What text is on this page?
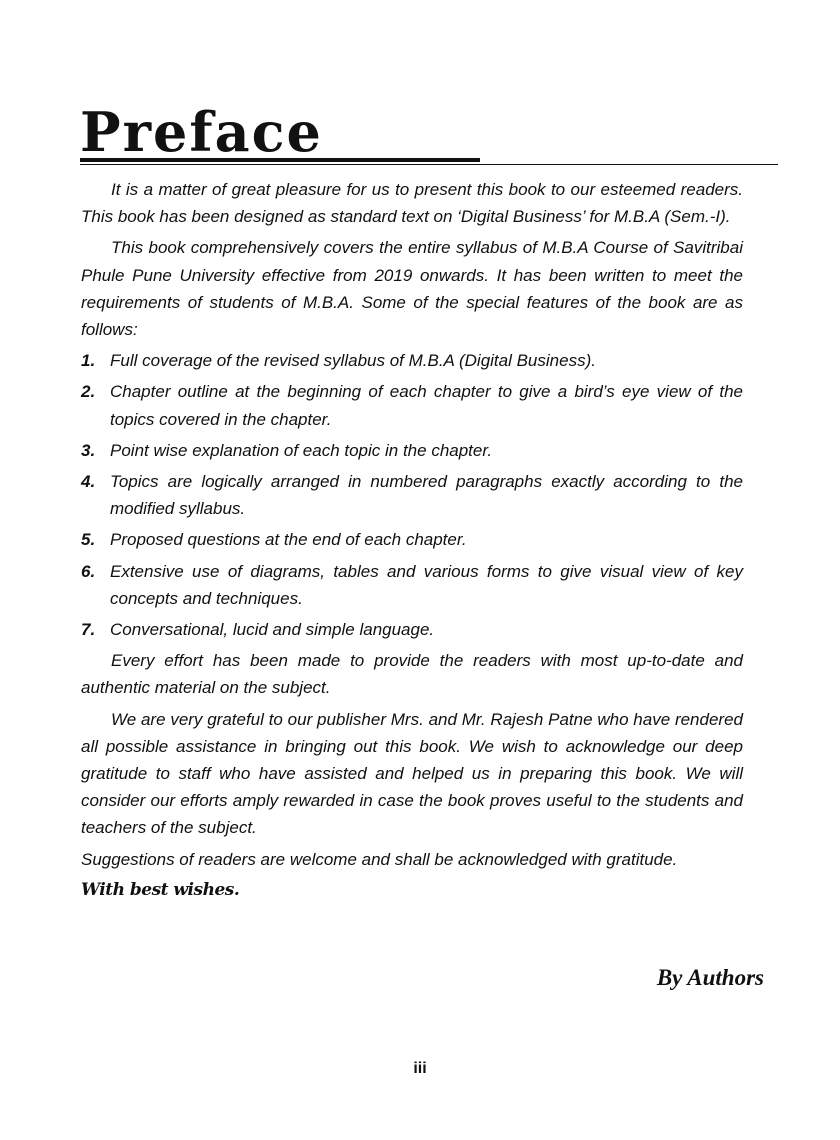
Preface

It is a matter of great pleasure for us to present this book to our esteemed readers. This book has been designed as standard text on ‘Digital Business’ for M.B.A (Sem.-I).

This book comprehensively covers the entire syllabus of M.B.A Course of Savitribai Phule Pune University effective from 2019 onwards. It has been written to meet the requirements of students of M.B.A. Some of the special features of the book are as follows:

1. Full coverage of the revised syllabus of M.B.A (Digital Business).
2. Chapter outline at the beginning of each chapter to give a bird’s eye view of the topics covered in the chapter.
3. Point wise explanation of each topic in the chapter.
4. Topics are logically arranged in numbered paragraphs exactly according to the modified syllabus.
5. Proposed questions at the end of each chapter.
6. Extensive use of diagrams, tables and various forms to give visual view of key concepts and techniques.
7. Conversational, lucid and simple language.

Every effort has been made to provide the readers with most up-to-date and authentic material on the subject.

We are very grateful to our publisher Mrs. and Mr. Rajesh Patne who have rendered all possible assistance in bringing out this book. We wish to acknowledge our deep gratitude to staff who have assisted and helped us in preparing this book. We will consider our efforts amply rewarded in case the book proves useful to the students and teachers of the subject.

Suggestions of readers are welcome and shall be acknowledged with gratitude.

With best wishes.

By Authors

iii
